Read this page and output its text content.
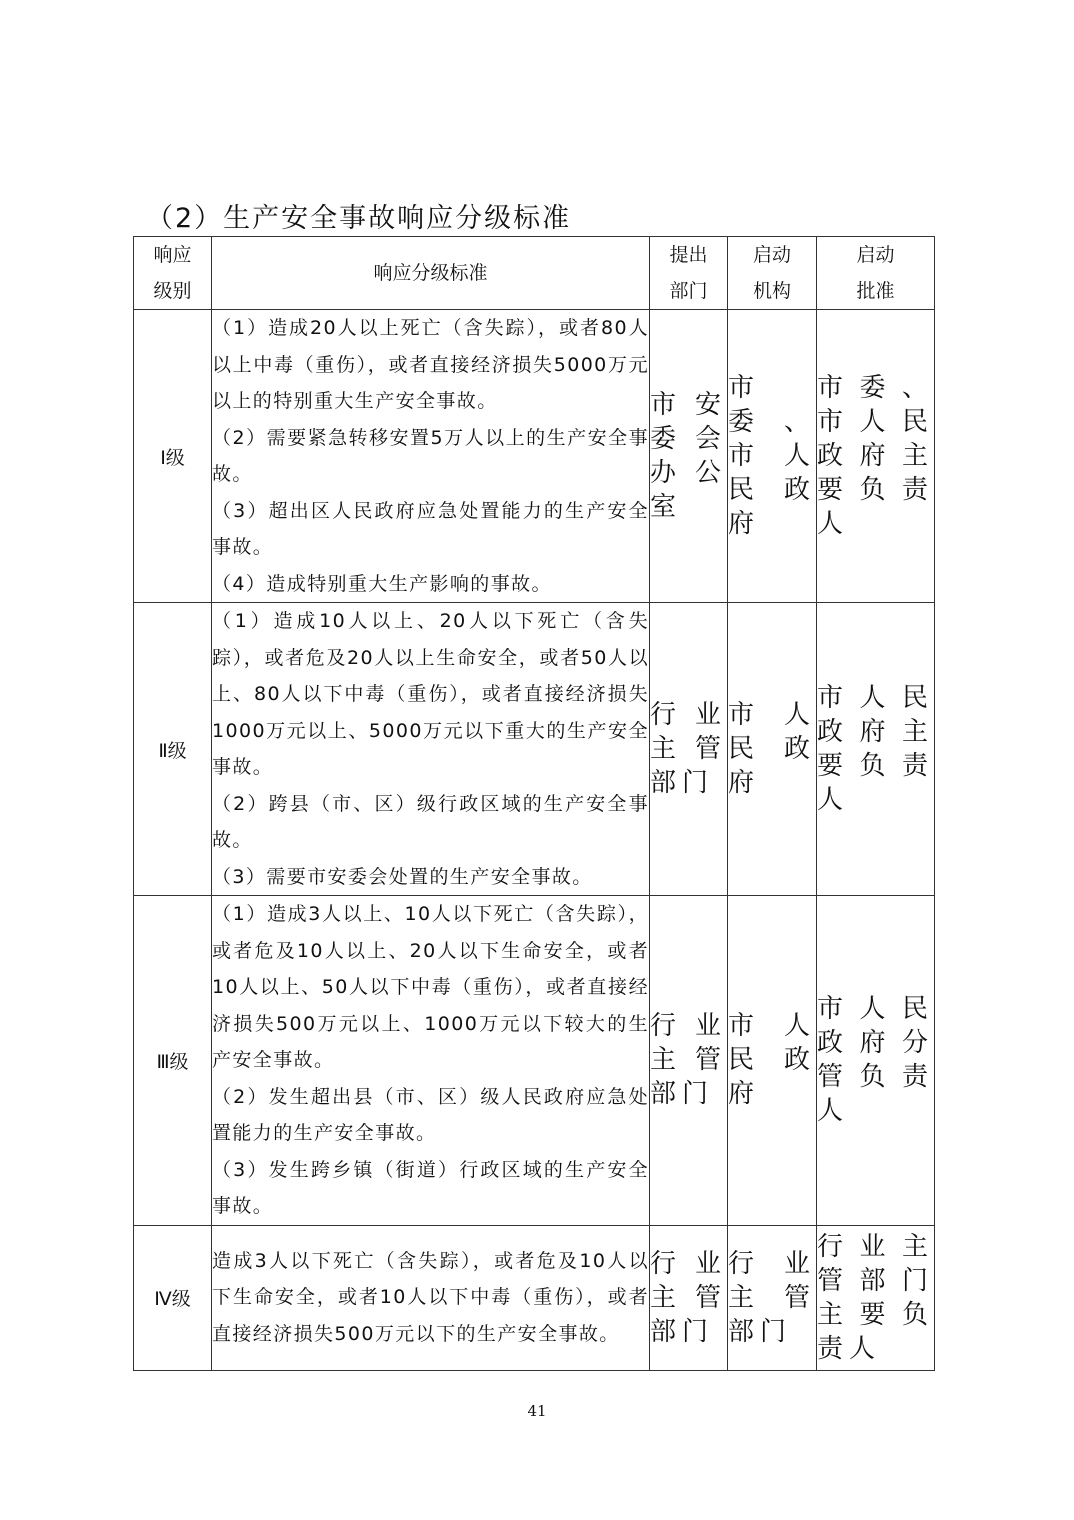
（2）生产安全事故响应分级标准
响应级别	响应分级标准	提出部门	启动机构	启动批准

Ⅰ级	（1）造成20人以上死亡（含失踪），或者80人以上中毒（重伤），或者直接经济损失5000万元以上的特别重大生产安全事故。

（2）需要紧急转移安置5万人以上的生产安全事故。

（3）超出区人民政府应急处置能力的生产安全事故。

（4）造成特别重大生产影响的事故。	市安委会办公室	市委、市人民政府	市委、市人民政府主要负责人
Ⅱ级	（1）造成10人以上、20人以下死亡（含失踪），或者危及20人以上生命安全，或者50人以上、80人以下中毒（重伤），或者直接经济损失1000万元以上、5000万元以下重大的生产安全事故。

（2）跨县（市、区）级行政区域的生产安全事故。

（3）需要市安委会处置的生产安全事故。	行业主管部门	市人民政府	市人民政府主要负责人
Ⅲ级	（1）造成3人以上、10人以下死亡（含失踪），或者危及10人以上、20人以下生命安全，或者10人以上、50人以下中毒（重伤），或者直接经济损失500万元以上、1000万元以下较大的生产安全事故。

（2）发生超出县（市、区）级人民政府应急处置能力的生产安全事故。

（3）发生跨乡镇（街道）行政区域的生产安全事故。	行业主管部门	市人民政府	市人民政府分管负责人
Ⅳ级	造成3人以下死亡（含失踪），或者危及10人以下生命安全，或者10人以下中毒（重伤），或者直接经济损失500万元以下的生产安全事故。	行业主管部门	行业主管部门	行业主管部门主要负责人
41
